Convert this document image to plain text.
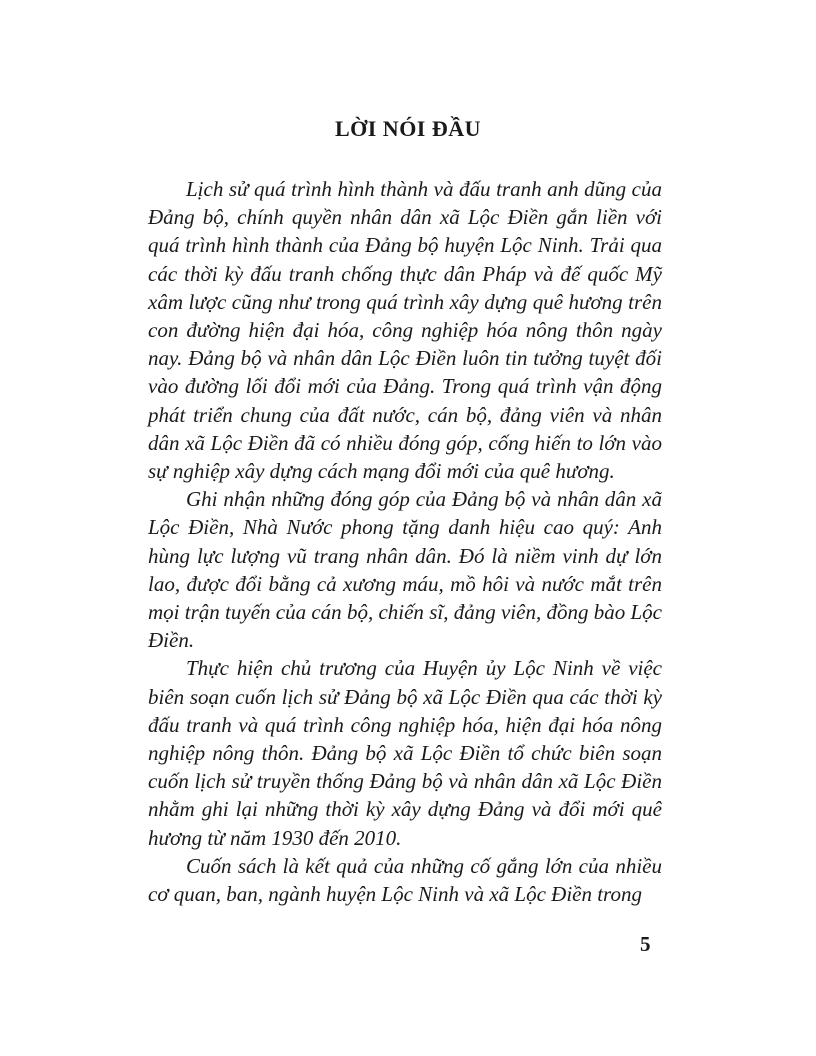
LỜI NÓI ĐẦU

Lịch sử quá trình hình thành và đấu tranh anh dũng của Đảng bộ, chính quyền nhân dân xã Lộc Điền gắn liền với quá trình hình thành của Đảng bộ huyện Lộc Ninh. Trải qua các thời kỳ đấu tranh chống thực dân Pháp và đế quốc Mỹ xâm lược cũng như trong quá trình xây dựng quê hương trên con đường hiện đại hóa, công nghiệp hóa nông thôn ngày nay. Đảng bộ và nhân dân Lộc Điền luôn tin tưởng tuyệt đối vào đường lối đổi mới của Đảng. Trong quá trình vận động phát triển chung của đất nước, cán bộ, đảng viên và nhân dân xã Lộc Điền đã có nhiều đóng góp, cống hiến to lớn vào sự nghiệp xây dựng cách mạng đổi mới của quê hương.

Ghi nhận những đóng góp của Đảng bộ và nhân dân xã Lộc Điền, Nhà Nước phong tặng danh hiệu cao quý: Anh hùng lực lượng vũ trang nhân dân. Đó là niềm vinh dự lớn lao, được đổi bằng cả xương máu, mồ hôi và nước mắt trên mọi trận tuyến của cán bộ, chiến sĩ, đảng viên, đồng bào Lộc Điền.

Thực hiện chủ trương của Huyện ủy Lộc Ninh về việc biên soạn cuốn lịch sử Đảng bộ xã Lộc Điền qua các thời kỳ đấu tranh và quá trình công nghiệp hóa, hiện đại hóa nông nghiệp nông thôn. Đảng bộ xã Lộc Điền tổ chức biên soạn cuốn lịch sử truyền thống Đảng bộ và nhân dân xã Lộc Điền nhằm ghi lại những thời kỳ xây dựng Đảng và đổi mới quê hương từ năm 1930 đến 2010.

Cuốn sách là kết quả của những cố gắng lớn của nhiều cơ quan, ban, ngành huyện Lộc Ninh và xã Lộc Điền trong

5
